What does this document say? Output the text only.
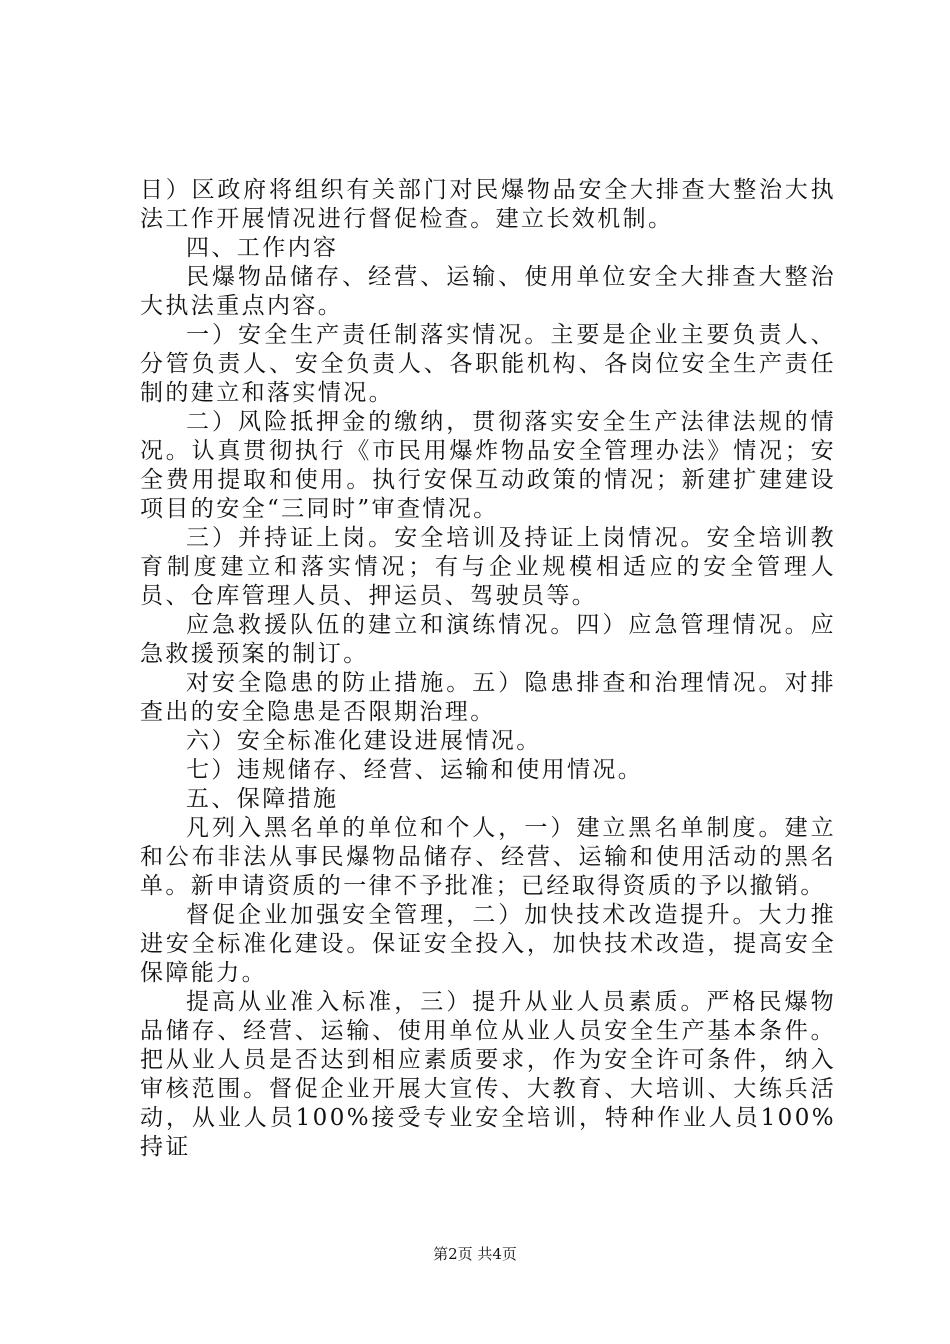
日）区政府将组织有关部门对民爆物品安全大排查大整治大执法工作开展情况进行督促检查。建立长效机制。

四、工作内容

民爆物品储存、经营、运输、使用单位安全大排查大整治大执法重点内容。

一）安全生产责任制落实情况。主要是企业主要负责人、分管负责人、安全负责人、各职能机构、各岗位安全生产责任制的建立和落实情况。

二）风险抵押金的缴纳，贯彻落实安全生产法律法规的情况。认真贯彻执行《市民用爆炸物品安全管理办法》情况；安全费用提取和使用。执行安保互动政策的情况；新建扩建建设项目的安全“三同时”审查情况。

三）并持证上岗。安全培训及持证上岗情况。安全培训教育制度建立和落实情况；有与企业规模相适应的安全管理人员、仓库管理人员、押运员、驾驶员等。

应急救援队伍的建立和演练情况。四）应急管理情况。应急救援预案的制订。

对安全隐患的防止措施。五）隐患排查和治理情况。对排查出的安全隐患是否限期治理。

六）安全标准化建设进展情况。

七）违规储存、经营、运输和使用情况。

五、保障措施

凡列入黑名单的单位和个人，一）建立黑名单制度。建立和公布非法从事民爆物品储存、经营、运输和使用活动的黑名单。新申请资质的一律不予批准；已经取得资质的予以撤销。

督促企业加强安全管理，二）加快技术改造提升。大力推进安全标准化建设。保证安全投入，加快技术改造，提高安全保障能力。

提高从业准入标准，三）提升从业人员素质。严格民爆物品储存、经营、运输、使用单位从业人员安全生产基本条件。把从业人员是否达到相应素质要求，作为安全许可条件，纳入审核范围。督促企业开展大宣传、大教育、大培训、大练兵活动，从业人员100%接受专业安全培训，特种作业人员100%持证

第2页 共4页
